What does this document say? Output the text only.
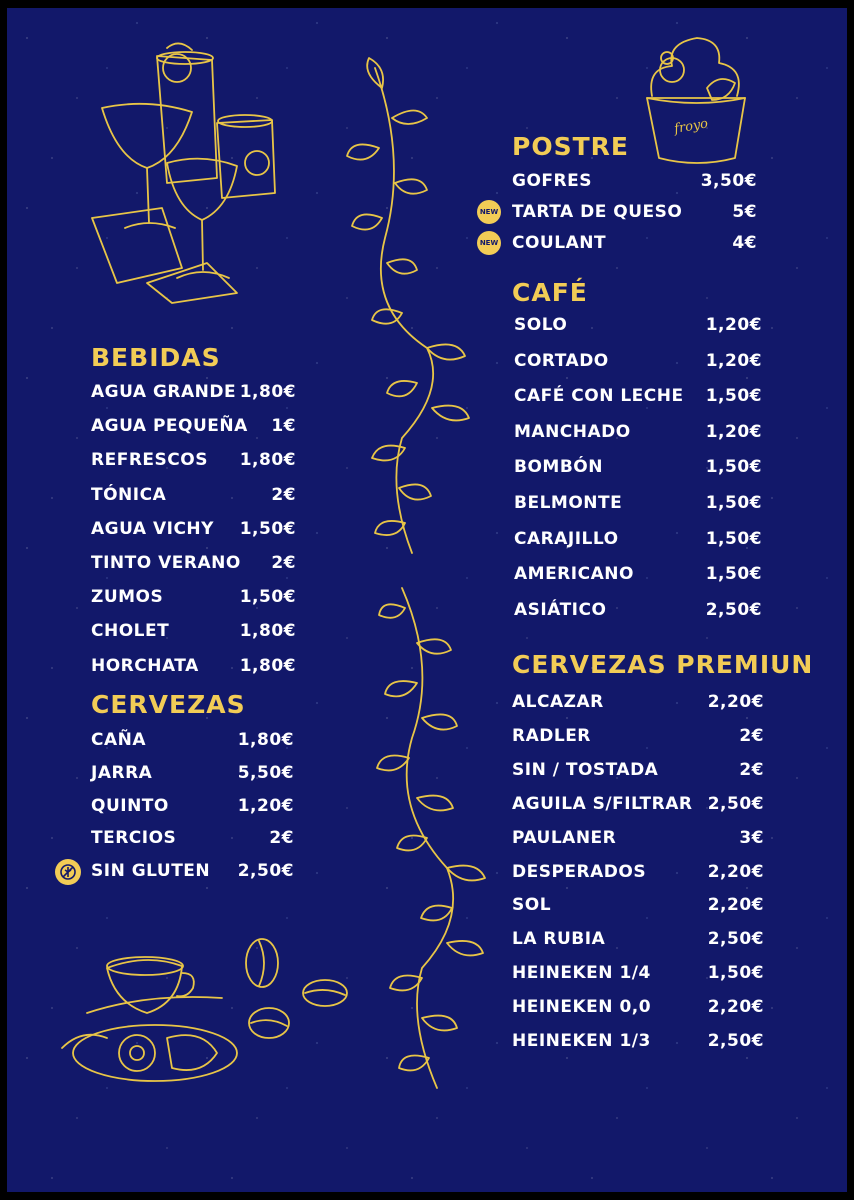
froyo
POSTRE
GOFRES	3,50€
TARTA DE QUESO	5€
NEW
COULANT	4€
NEW
CAFÉ
SOLO	1,20€
CORTADO	1,20€
CAFÉ CON LECHE 1,50€
MANCHADO	1,20€
BOMBÓN	1,50€
BELMONTE	1,50€
CARAJILLO	1,50€
AMERICANO	1,50€
ASIÁTICO	2,50€
BEBIDAS
AGUA GRANDE 1,80€
AGUA PEQUEÑA 1€
REFRESCOS 1,80€
TÓNICA	2€
AGUA VICHY 1,50€
TINTO VERANO 2€
ZUMOS	1,50€
CHOLET	1,80€
HORCHATA 1,80€
CERVEZAS
CAÑA	1,80€
JARRA	5,50€
QUINTO	1,20€
TERCIOS	2€
SIN GLUTEN 2,50€
CERVEZAS PREMIUN
ALCAZAR	2,20€
RADLER	2€
SIN / TOSTADA	2€
AGUILA S/FILTRAR 2,50€
PAULANER	3€
DESPERADOS	2,20€
SOL	2,20€
LA RUBIA	2,50€
HEINEKEN 1/4	1,50€
HEINEKEN 0,0	2,20€
HEINEKEN 1/3	2,50€
